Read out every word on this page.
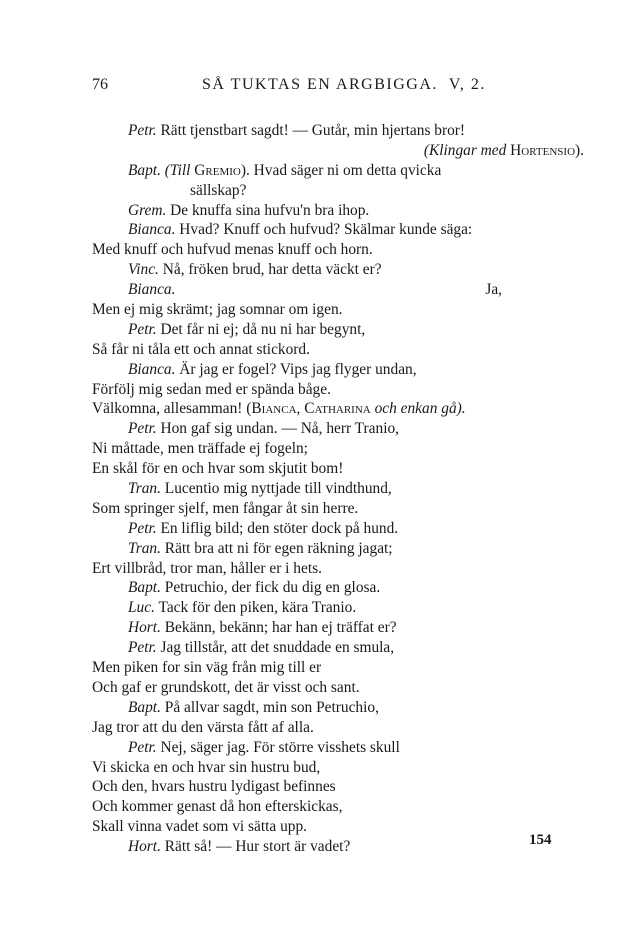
76	SÅ TUKTAS EN ARGBIGGA. V, 2.
Petr. Rätt tjenstbart sagdt! — Gutår, min hjertans bror!
(Klingar med Hortensio).
Bapt. (Till Gremio). Hvad säger ni om detta qvicka
sällskap?
Grem. De knuffa sina hufvu'n bra ihop.
Bianca. Hvad? Knuff och hufvud? Skälmar kunde säga:
Med knuff och hufvud menas knuff och horn.
Vinc. Nå, fröken brud, har detta väckt er?
Bianca.	Ja,
Men ej mig skrämt; jag somnar om igen.
Petr. Det får ni ej; då nu ni har begynt,
Så får ni tåla ett och annat stickord.
Bianca. Är jag er fogel? Vips jag flyger undan,
Förfölj mig sedan med er spända båge.
Välkomna, allesamman! (Bianca, Catharina och enkan gå).
Petr. Hon gaf sig undan. — Nå, herr Tranio,
Ni måttade, men träffade ej fogeln;
En skål för en och hvar som skjutit bom!
Tran. Lucentio mig nyttjade till vindthund,
Som springer sjelf, men fångar åt sin herre.
Petr. En liflig bild; den stöter dock på hund.
Tran. Rätt bra att ni för egen räkning jagat;
Ert villbråd, tror man, håller er i hets.
Bapt. Petruchio, der fick du dig en glosa.
Luc. Tack för den piken, kära Tranio.
Hort. Bekänn, bekänn; har han ej träffat er?
Petr. Jag tillstår, att det snuddade en smula,
Men piken for sin väg från mig till er
Och gaf er grundskott, det är visst och sant.
Bapt. På allvar sagdt, min son Petruchio,
Jag tror att du den värsta fått af alla.
Petr. Nej, säger jag. För större visshets skull
Vi skicka en och hvar sin hustru bud,
Och den, hvars hustru lydigast befinnes
Och kommer genast då hon efterskickas,
Skall vinna vadet som vi sätta upp.
Hort. Rätt så! — Hur stort är vadet?	154
